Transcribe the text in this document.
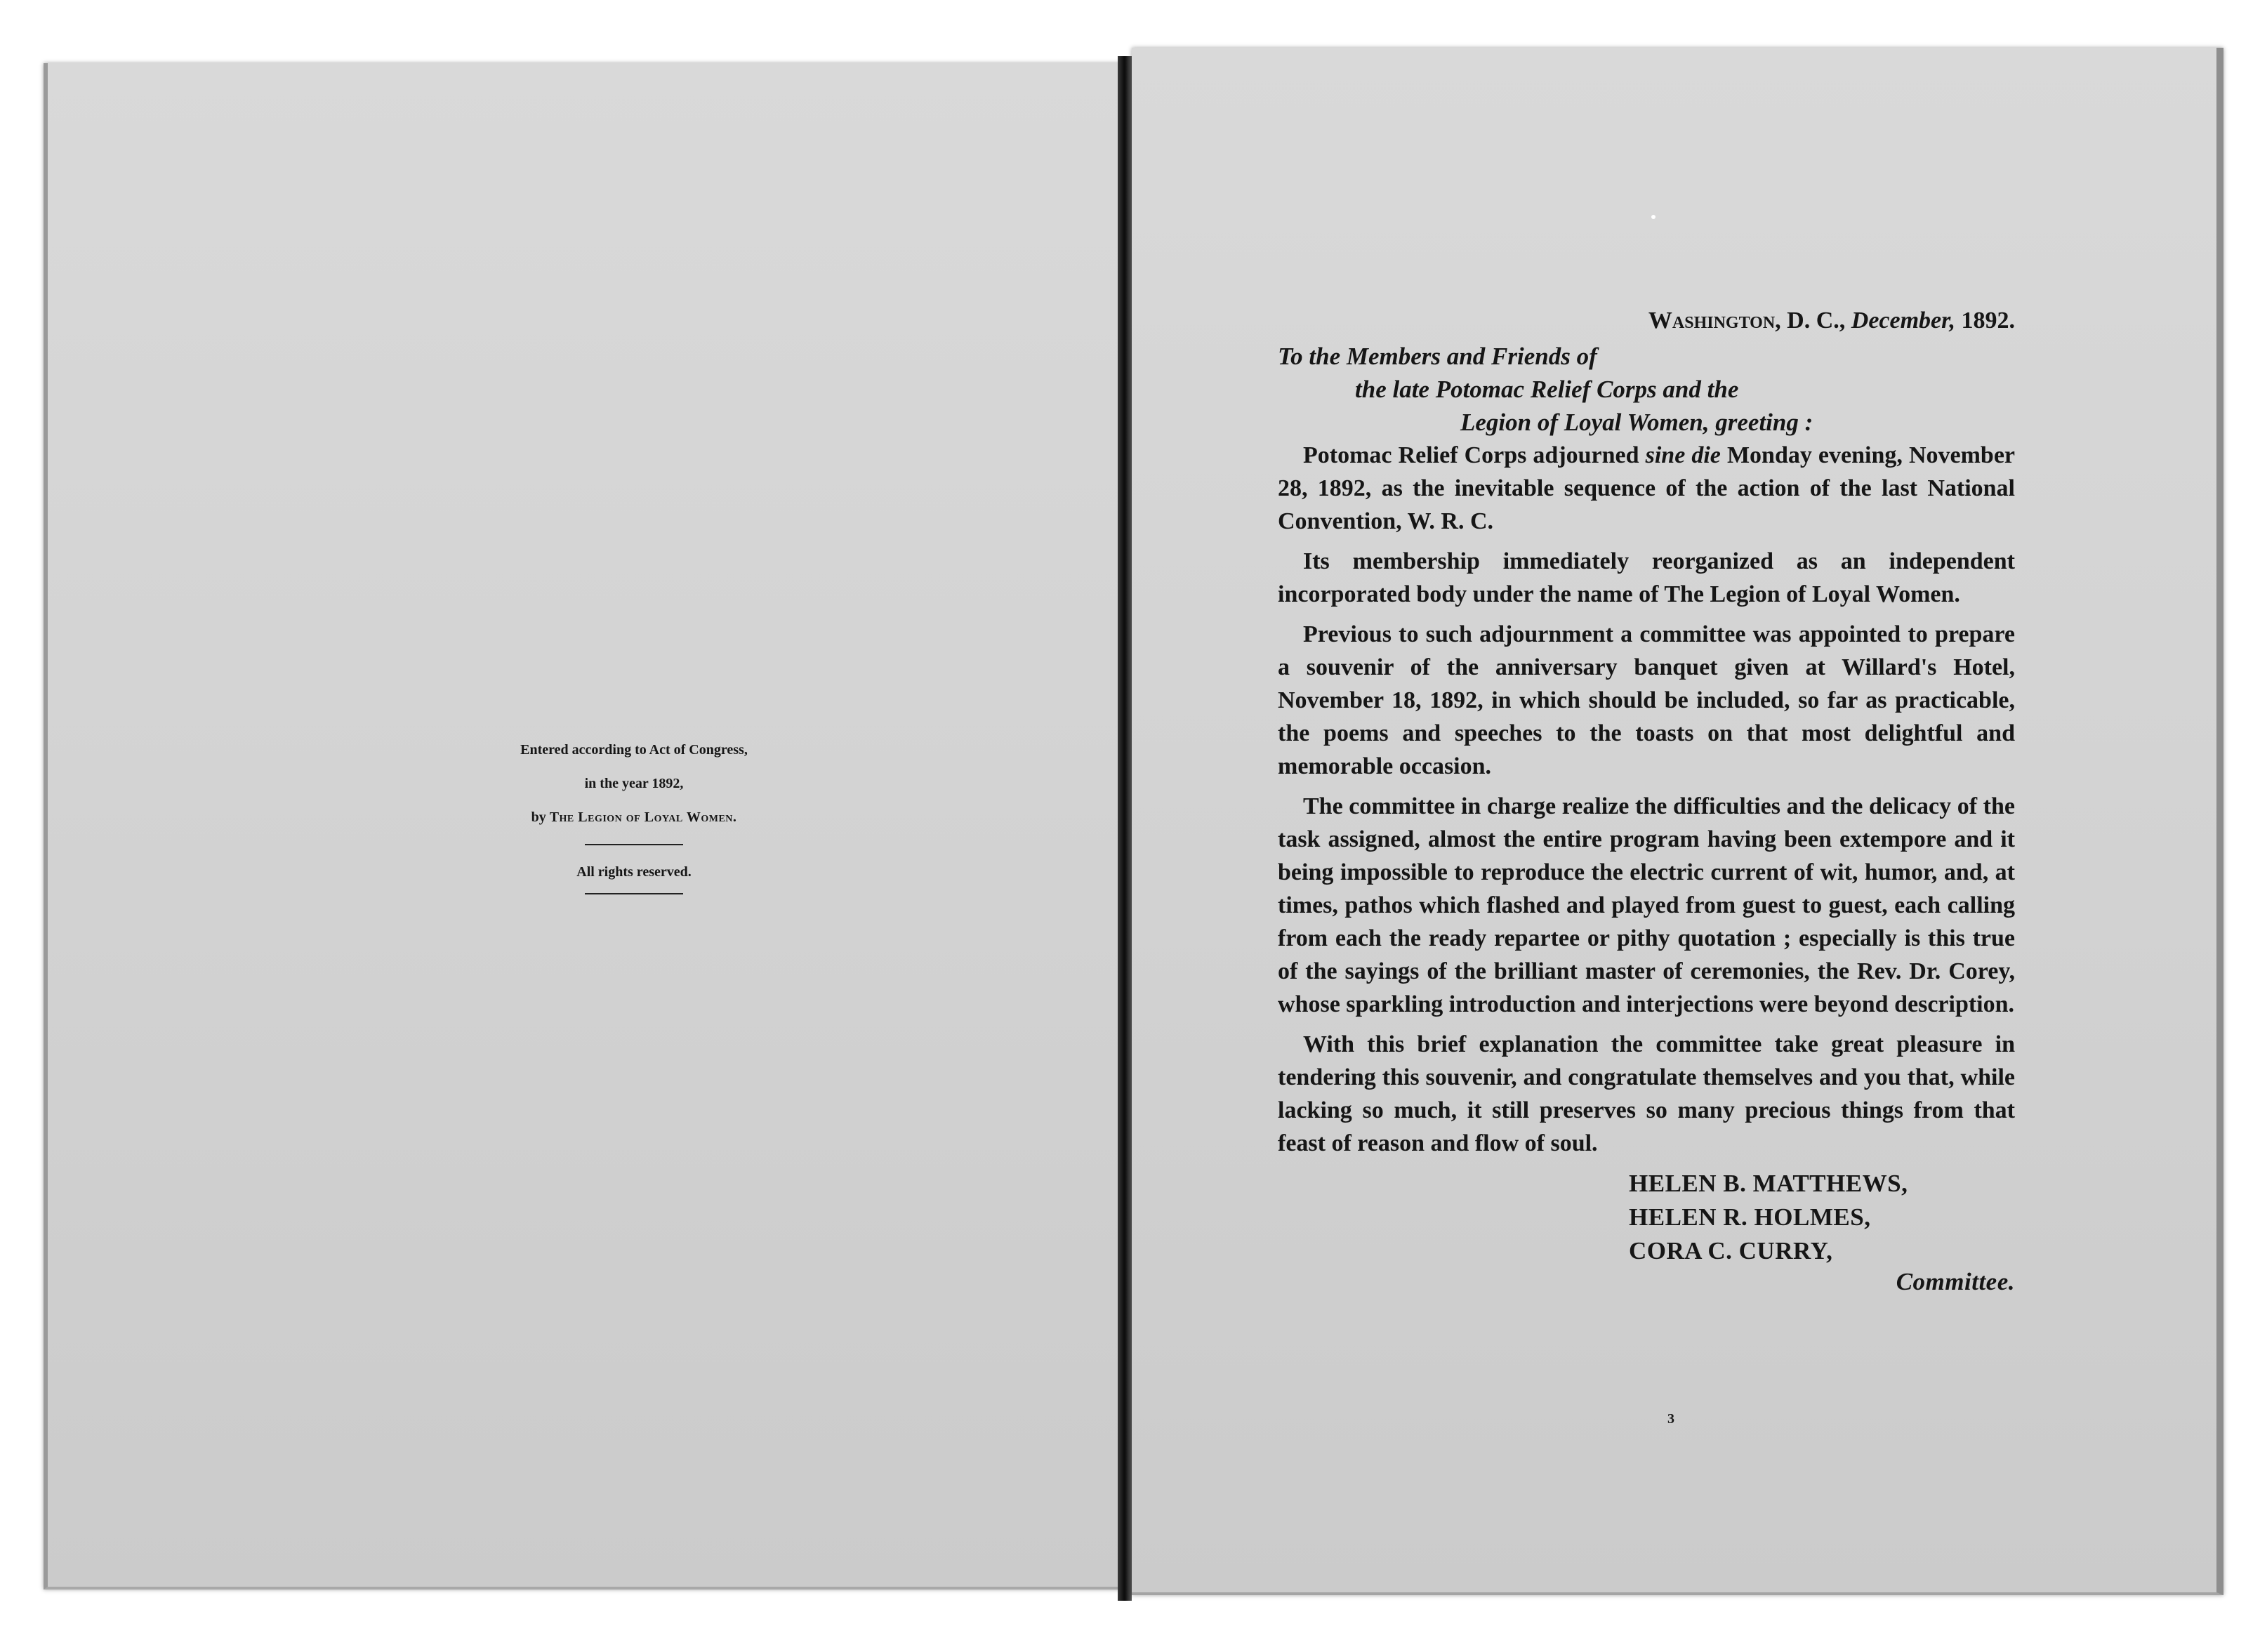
Entered according to Act of Congress,
in the year 1892,
by The Legion of Loyal Women.
All rights reserved.
Washington, D. C., December, 1892.
To the Members and Friends of
the late Potomac Relief Corps and the
Legion of Loyal Women, greeting :

Potomac Relief Corps adjourned sine die Monday evening, November 28, 1892, as the inevitable sequence of the action of the last National Convention, W. R. C.

Its membership immediately reorganized as an independent incorporated body under the name of The Legion of Loyal Women.

Previous to such adjournment a committee was appointed to prepare a souvenir of the anniversary banquet given at Willard's Hotel, November 18, 1892, in which should be included, so far as practicable, the poems and speeches to the toasts on that most delightful and memorable occasion.

The committee in charge realize the difficulties and the delicacy of the task assigned, almost the entire program having been extempore and it being impossible to reproduce the electric current of wit, humor, and, at times, pathos which flashed and played from guest to guest, each calling from each the ready repartee or pithy quotation ; especially is this true of the sayings of the brilliant master of ceremonies, the Rev. Dr. Corey, whose sparkling introduction and interjections were beyond description.

With this brief explanation the committee take great pleasure in tendering this souvenir, and congratulate themselves and you that, while lacking so much, it still preserves so many precious things from that feast of reason and flow of soul.

HELEN B. MATTHEWS,
HELEN R. HOLMES,
CORA C. CURRY,
Committee.
3
